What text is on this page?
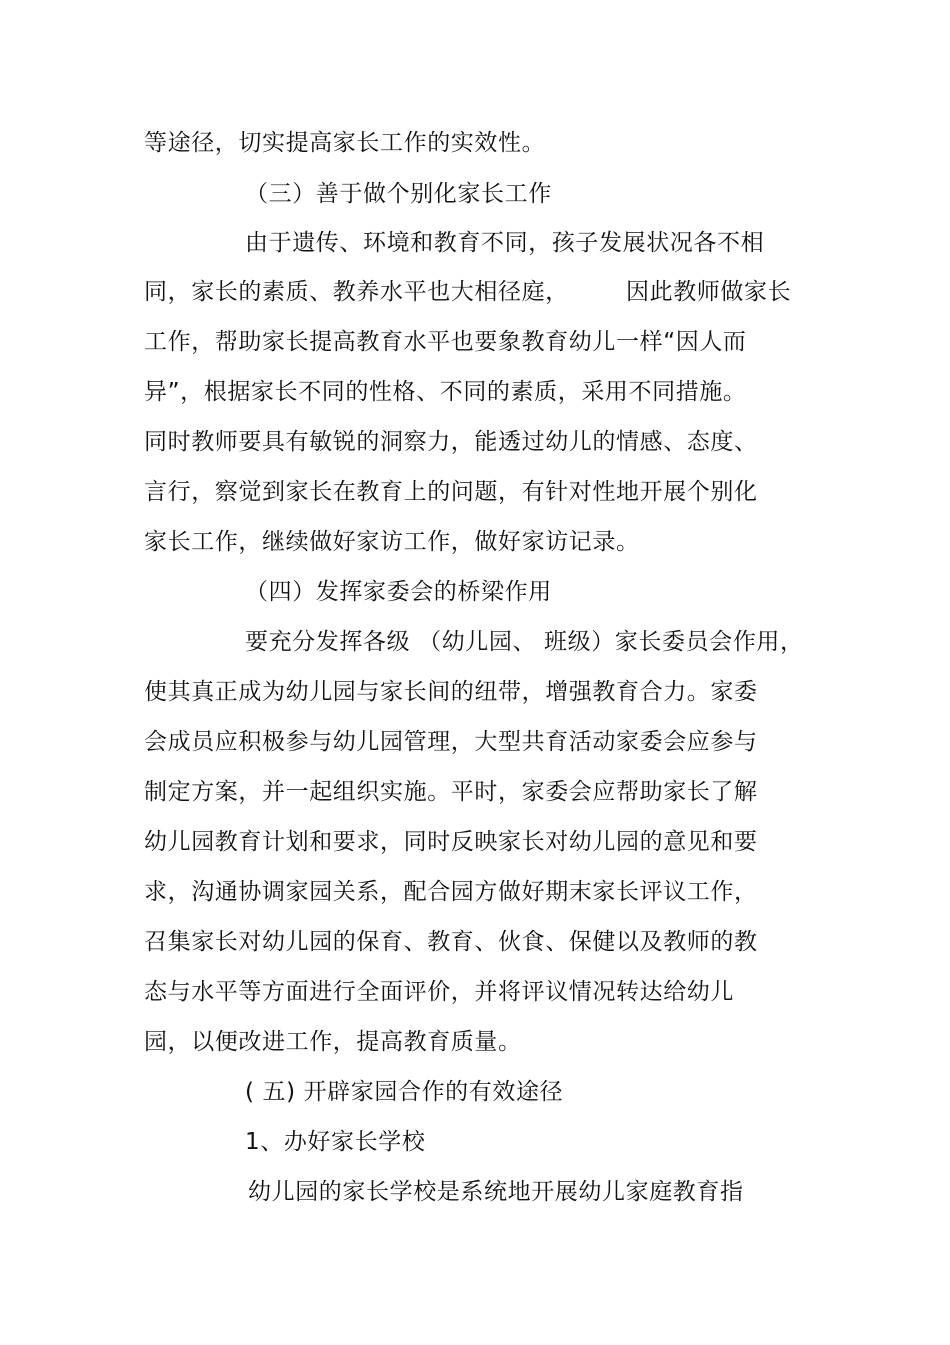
等途径，切实提高家长工作的实效性。
（三）善于做个别化家长工作
由于遗传、环境和教育不同，孩子发展状况各不相
同，家长的素质、教养水平也大相径庭， 因此教师做家长
工作，帮助家长提高教育水平也要象教育幼儿一样“因人而
异”，根据家长不同的性格、不同的素质，采用不同措施。
同时教师要具有敏锐的洞察力，能透过幼儿的情感、态度、
言行，察觉到家长在教育上的问题，有针对性地开展个别化
家长工作，继续做好家访工作，做好家访记录。
（四）发挥家委会的桥梁作用
要充分发挥各级 （幼儿园、 班级）家长委员会作用，
使其真正成为幼儿园与家长间的纽带，增强教育合力。家委
会成员应积极参与幼儿园管理，大型共育活动家委会应参与
制定方案，并一起组织实施。平时，家委会应帮助家长了解
幼儿园教育计划和要求，同时反映家长对幼儿园的意见和要
求，沟通协调家园关系，配合园方做好期末家长评议工作，
召集家长对幼儿园的保育、教育、伙食、保健以及教师的教
态与水平等方面进行全面评价，并将评议情况转达给幼儿
园，以便改进工作，提高教育质量。
( 五) 开辟家园合作的有效途径
1、办好家长学校
幼儿园的家长学校是系统地开展幼儿家庭教育指
